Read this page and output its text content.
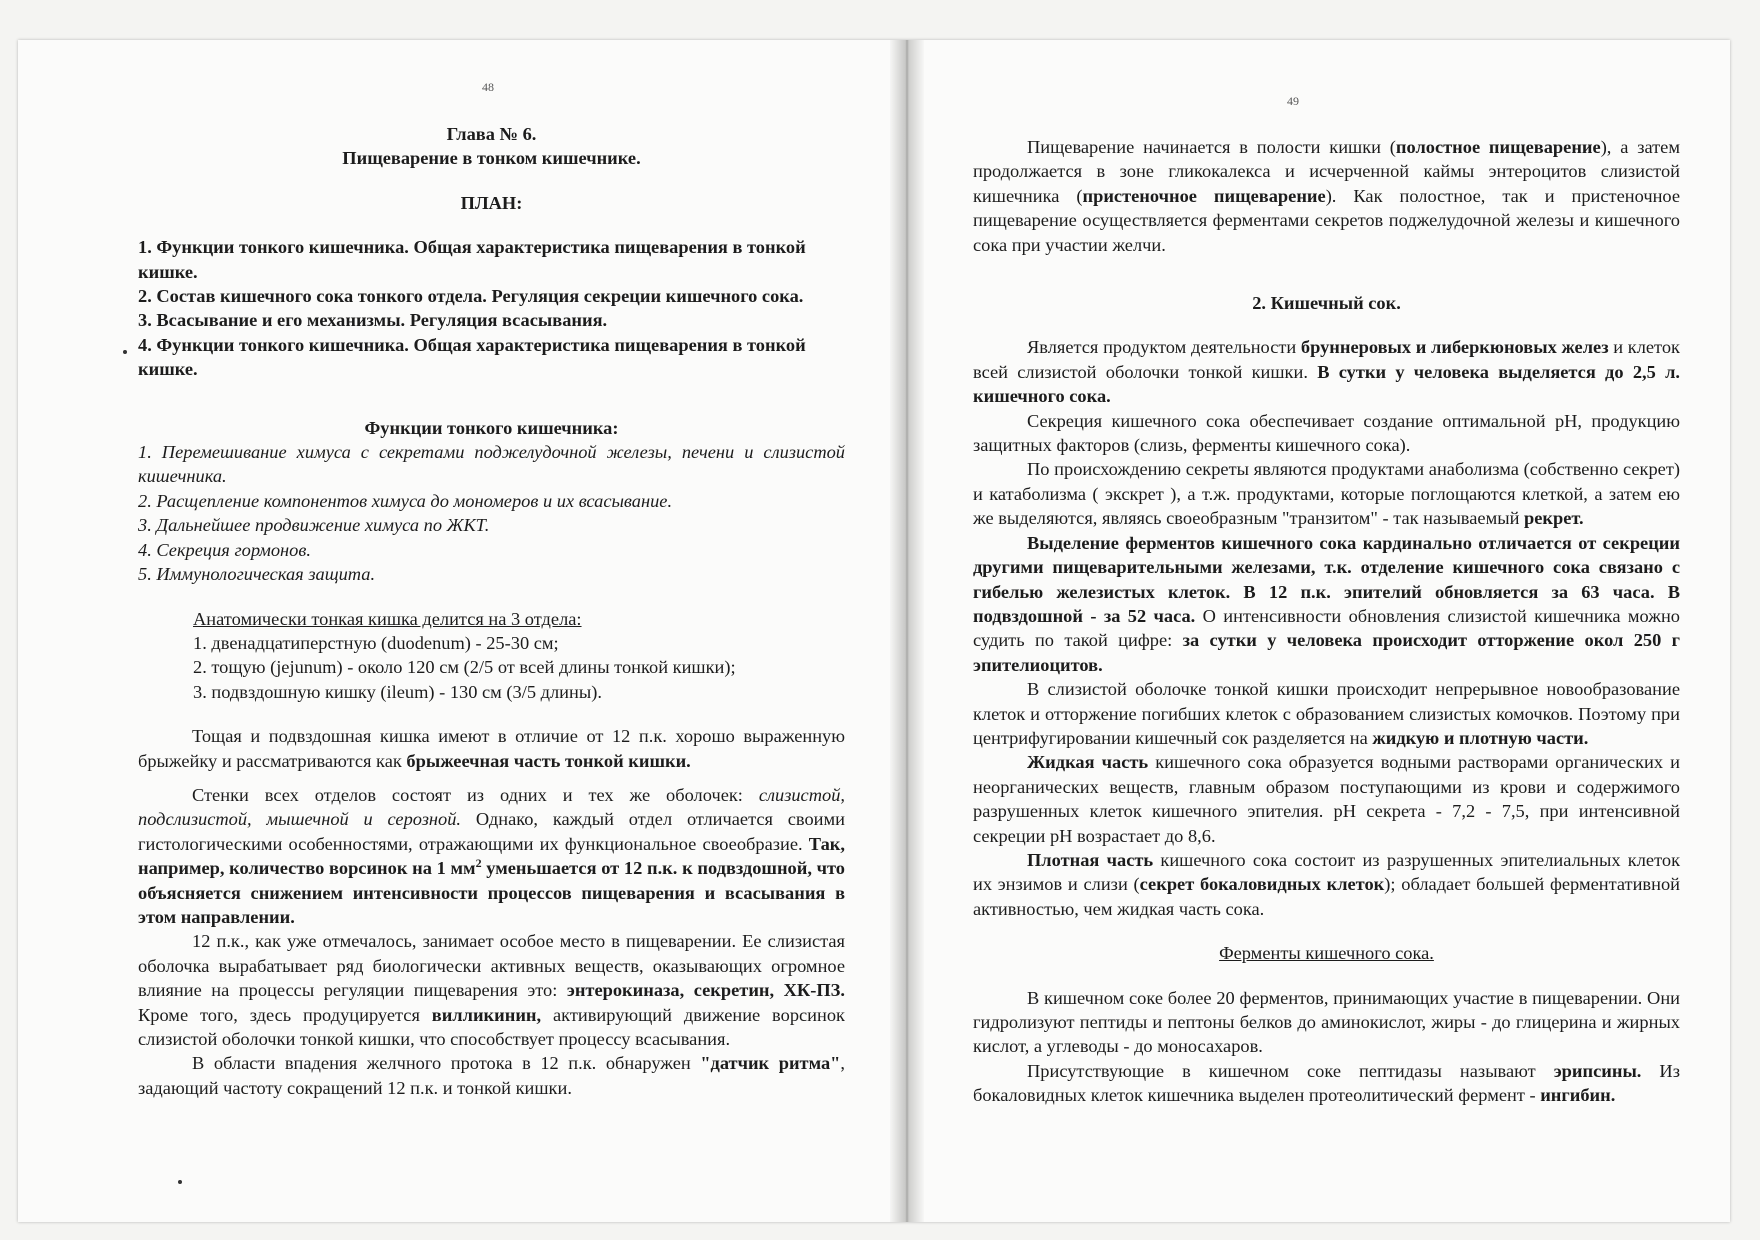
48

Глава № 6.

Пищеварение в тонком кишечнике.

ПЛАН:

1. Функции тонкого кишечника. Общая характеристика пищеварения в тонкой кишке.

2. Состав кишечного сока тонкого отдела. Регуляция секреции кишечного сока.

3. Всасывание и его механизмы. Регуляция всасывания.

4. Функции тонкого кишечника. Общая характеристика пищеварения в тонкой кишке.

Функции тонкого кишечника:

1. Перемешивание химуса с секретами поджелудочной железы, печени и слизистой кишечника.

2. Расщепление компонентов химуса до мономеров и их всасывание.

3. Дальнейшее продвижение химуса по ЖКТ.

4. Секреция гормонов.

5. Иммунологическая защита.

Анатомически тонкая кишка делится на 3 отдела:

1. двенадцатиперстную (duodenum) - 25-30 см;

2. тощую (jejunum) - около 120 см (2/5 от всей длины тонкой кишки);

3. подвздошную кишку (ileum) - 130 см (3/5 длины).

Тощая и подвздошная кишка имеют в отличие от 12 п.к. хорошо выраженную брыжейку и рассматриваются как брыжеечная часть тонкой кишки.

Стенки всех отделов состоят из одних и тех же оболочек: слизистой, подслизистой, мышечной и серозной. Однако, каждый отдел отличается своими гистологическими особенностями, отражающими их функциональное своеобразие. Так, например, количество ворсинок на 1 $мм^2$ уменьшается от 12 п.к. к подвздошной, что объясняется снижением интенсивности процессов пищеварения и всасывания в этом направлении.

12 п.к., как уже отмечалось, занимает особое место в пищеварении. Ее слизистая оболочка вырабатывает ряд биологически активных веществ, оказывающих огромное влияние на процессы регуляции пищеварения это: энтерокиназа, секретин, ХК-ПЗ. Кроме того, здесь продуцируется вилликинин, активирующий движение ворсинок слизистой оболочки тонкой кишки, что способствует процессу всасывания.

В области впадения желчного протока в 12 п.к. обнаружен "датчик ритма", задающий частоту сокращений 12 п.к. и тонкой кишки.

49

Пищеварение начинается в полости кишки (полостное пищеварение), а затем продолжается в зоне гликокалекса и исчерченной каймы энтероцитов слизистой кишечника (пристеночное пищеварение). Как полостное, так и пристеночное пищеварение осуществляется ферментами секретов поджелудочной железы и кишечного сока при участии желчи.

2. Кишечный сок.

Является продуктом деятельности бруннеровых и либеркюновых желез и клеток всей слизистой оболочки тонкой кишки. В сутки у человека выделяется до 2,5 л. кишечного сока.

Секреция кишечного сока обеспечивает создание оптимальной pH, продукцию защитных факторов (слизь, ферменты кишечного сока).

По происхождению секреты являются продуктами анаболизма (собственно секрет) и катаболизма ( экскрет ), а т.ж. продуктами, которые поглощаются клеткой, а затем ею же выделяются, являясь своеобразным "транзитом" - так называемый рекрет.

Выделение ферментов кишечного сока кардинально отличается от секреции другими пищеварительными железами, т.к. отделение кишечного сока связано с гибелью железистых клеток. В 12 п.к. эпителий обновляется за 63 часа. В подвздошной - за 52 часа. О интенсивности обновления слизистой кишечника можно судить по такой цифре: за сутки у человека происходит отторжение окол 250 г эпителиоцитов.

В слизистой оболочке тонкой кишки происходит непрерывное новообразование клеток и отторжение погибших клеток с образованием слизистых комочков. Поэтому при центрифугировании кишечный сок разделяется на жидкую и плотную части.

Жидкая часть кишечного сока образуется водными растворами органических и неорганических веществ, главным образом поступающими из крови и содержимого разрушенных клеток кишечного эпителия. pH секрета - 7,2 - 7,5, при интенсивной секреции pH возрастает до 8,6.

Плотная часть кишечного сока состоит из разрушенных эпителиальных клеток их энзимов и слизи (секрет бокаловидных клеток); обладает большей ферментативной активностью, чем жидкая часть сока.

Ферменты кишечного сока.

В кишечном соке более 20 ферментов, принимающих участие в пищеварении. Они гидролизуют пептиды и пептоны белков до аминокислот, жиры - до глицерина и жирных кислот, а углеводы - до моносахаров.

Присутствующие в кишечном соке пептидазы называют эрипсины. Из бокаловидных клеток кишечника выделен протеолитический фермент - ингибин.
